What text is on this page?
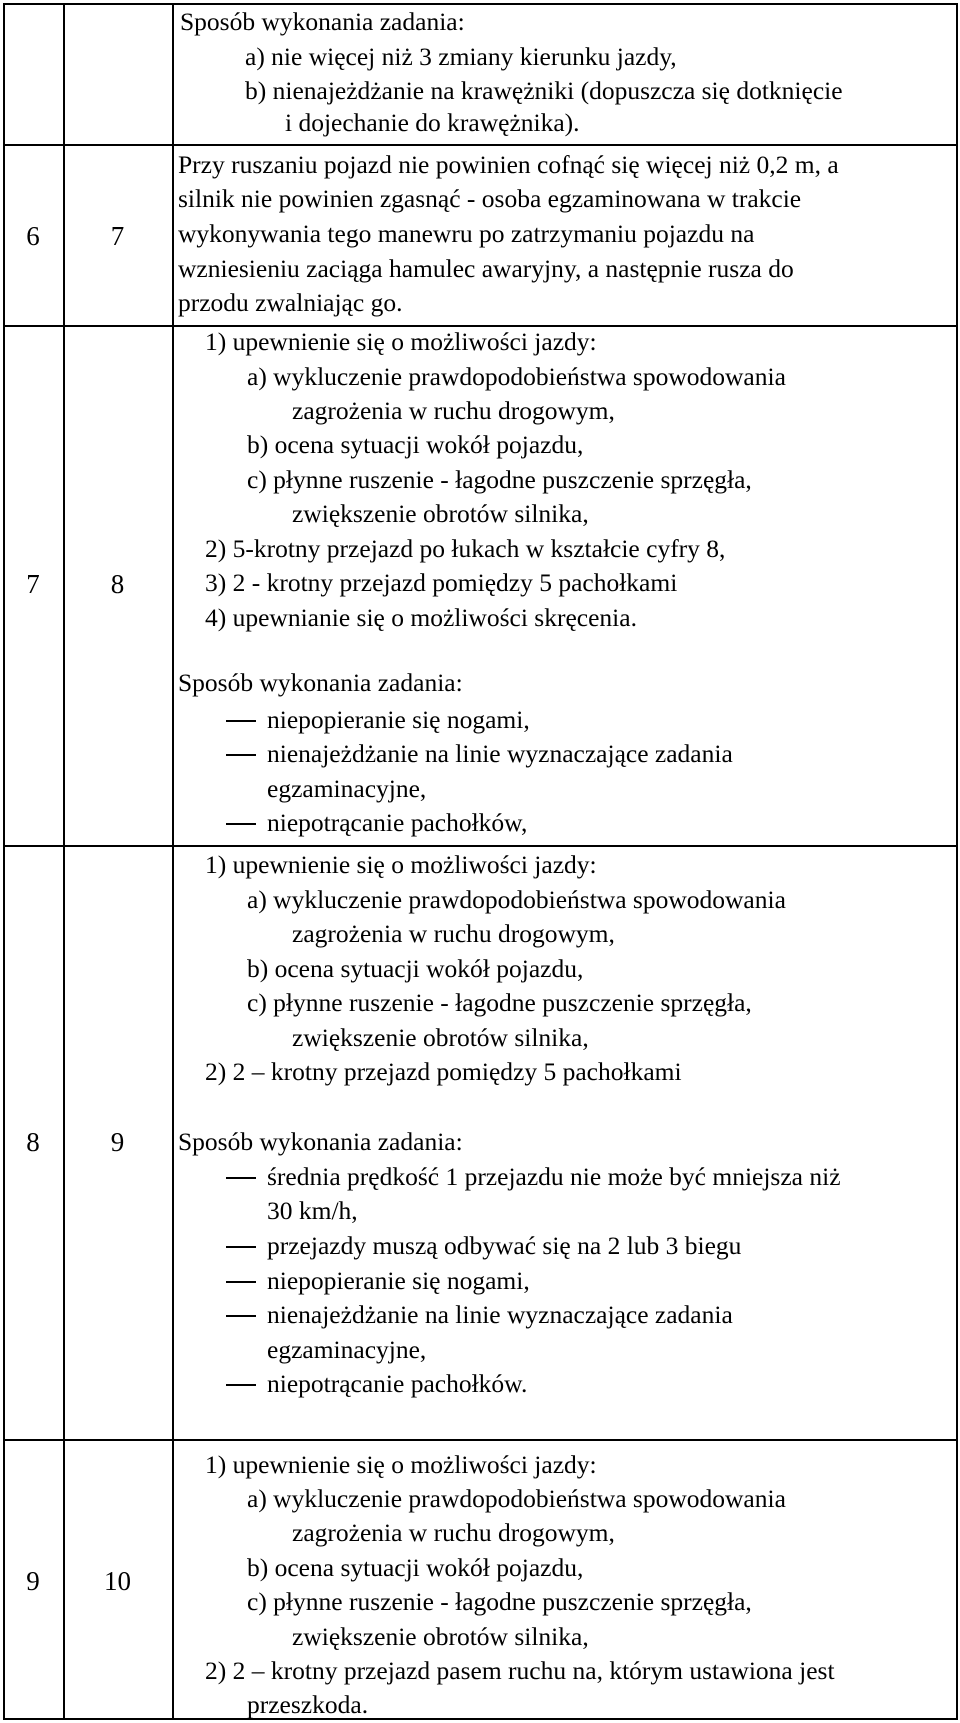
Sposób wykonania zadania:
a) nie więcej niż 3 zmiany kierunku jazdy,
b) nienajeżdżanie na krawężniki (dopuszcza się dotknięcie
i dojechanie do krawężnika).
6	7
Przy ruszaniu pojazd nie powinien cofnąć się więcej niż 0,2 m, a
silnik nie powinien zgasnąć - osoba egzaminowana w trakcie
wykonywania tego manewru po zatrzymaniu pojazdu na
wzniesieniu zaciąga hamulec awaryjny, a następnie rusza do
przodu zwalniając go.
7	8
1) upewnienie się o możliwości jazdy:
a) wykluczenie prawdopodobieństwa spowodowania
zagrożenia w ruchu drogowym,
b) ocena sytuacji wokół pojazdu,
c) płynne ruszenie - łagodne puszczenie sprzęgła,
zwiększenie obrotów silnika,
2) 5-krotny przejazd po łukach w kształcie cyfry 8,
3) 2 - krotny przejazd pomiędzy 5 pachołkami
4) upewnianie się o możliwości skręcenia.
Sposób wykonania zadania:
niepopieranie się nogami,
nienajeżdżanie na linie wyznaczające zadania
egzaminacyjne,
niepotrącanie pachołków,
8	9
1) upewnienie się o możliwości jazdy:
a) wykluczenie prawdopodobieństwa spowodowania
zagrożenia w ruchu drogowym,
b) ocena sytuacji wokół pojazdu,
c) płynne ruszenie - łagodne puszczenie sprzęgła,
zwiększenie obrotów silnika,
2) 2 – krotny przejazd pomiędzy 5 pachołkami
Sposób wykonania zadania:
średnia prędkość 1 przejazdu nie może być mniejsza niż
30 km/h,
przejazdy muszą odbywać się na 2 lub 3 biegu
niepopieranie się nogami,
nienajeżdżanie na linie wyznaczające zadania
egzaminacyjne,
niepotrącanie pachołków.
9	10
1) upewnienie się o możliwości jazdy:
a) wykluczenie prawdopodobieństwa spowodowania
zagrożenia w ruchu drogowym,
b) ocena sytuacji wokół pojazdu,
c) płynne ruszenie - łagodne puszczenie sprzęgła,
zwiększenie obrotów silnika,
2) 2 – krotny przejazd pasem ruchu na, którym ustawiona jest
przeszkoda.
